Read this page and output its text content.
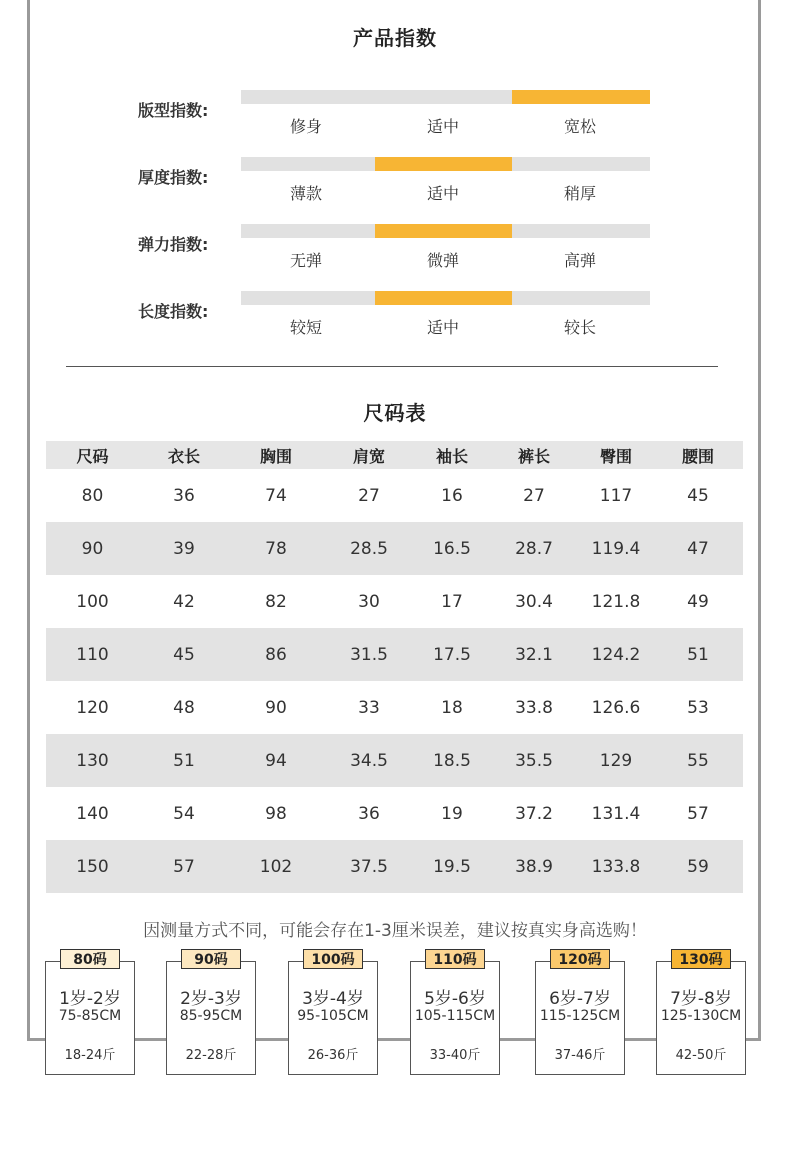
产品指数
版型指数:
修身	适中	宽松
厚度指数:
薄款	适中	稍厚
弹力指数:
无弹	微弹	高弹
长度指数:
较短	适中	较长
尺码表
尺码	衣长	胸围	肩宽	袖长	裤长	臀围	腰围
80	36	74	27	16	27	117	45
90	39	78	28.5	16.5	28.7	119.4	47
100	42	82	30	17	30.4	121.8	49
110	45	86	31.5	17.5	32.1	124.2	51
120	48	90	33	18	33.8	126.6	53
130	51	94	34.5	18.5	35.5	129	55
140	54	98	36	19	37.2	131.4	57
150	57	102	37.5	19.5	38.9	133.8	59
因测量方式不同，可能会存在1-3厘米误差，建议按真实身高选购！
80码
1岁-2岁
75-85CM
18-24斤
90码
2岁-3岁
85-95CM
22-28斤
100码
3岁-4岁
95-105CM
26-36斤
110码
5岁-6岁
105-115CM
33-40斤
120码
6岁-7岁
115-125CM
37-46斤
130码
7岁-8岁
125-130CM
42-50斤
